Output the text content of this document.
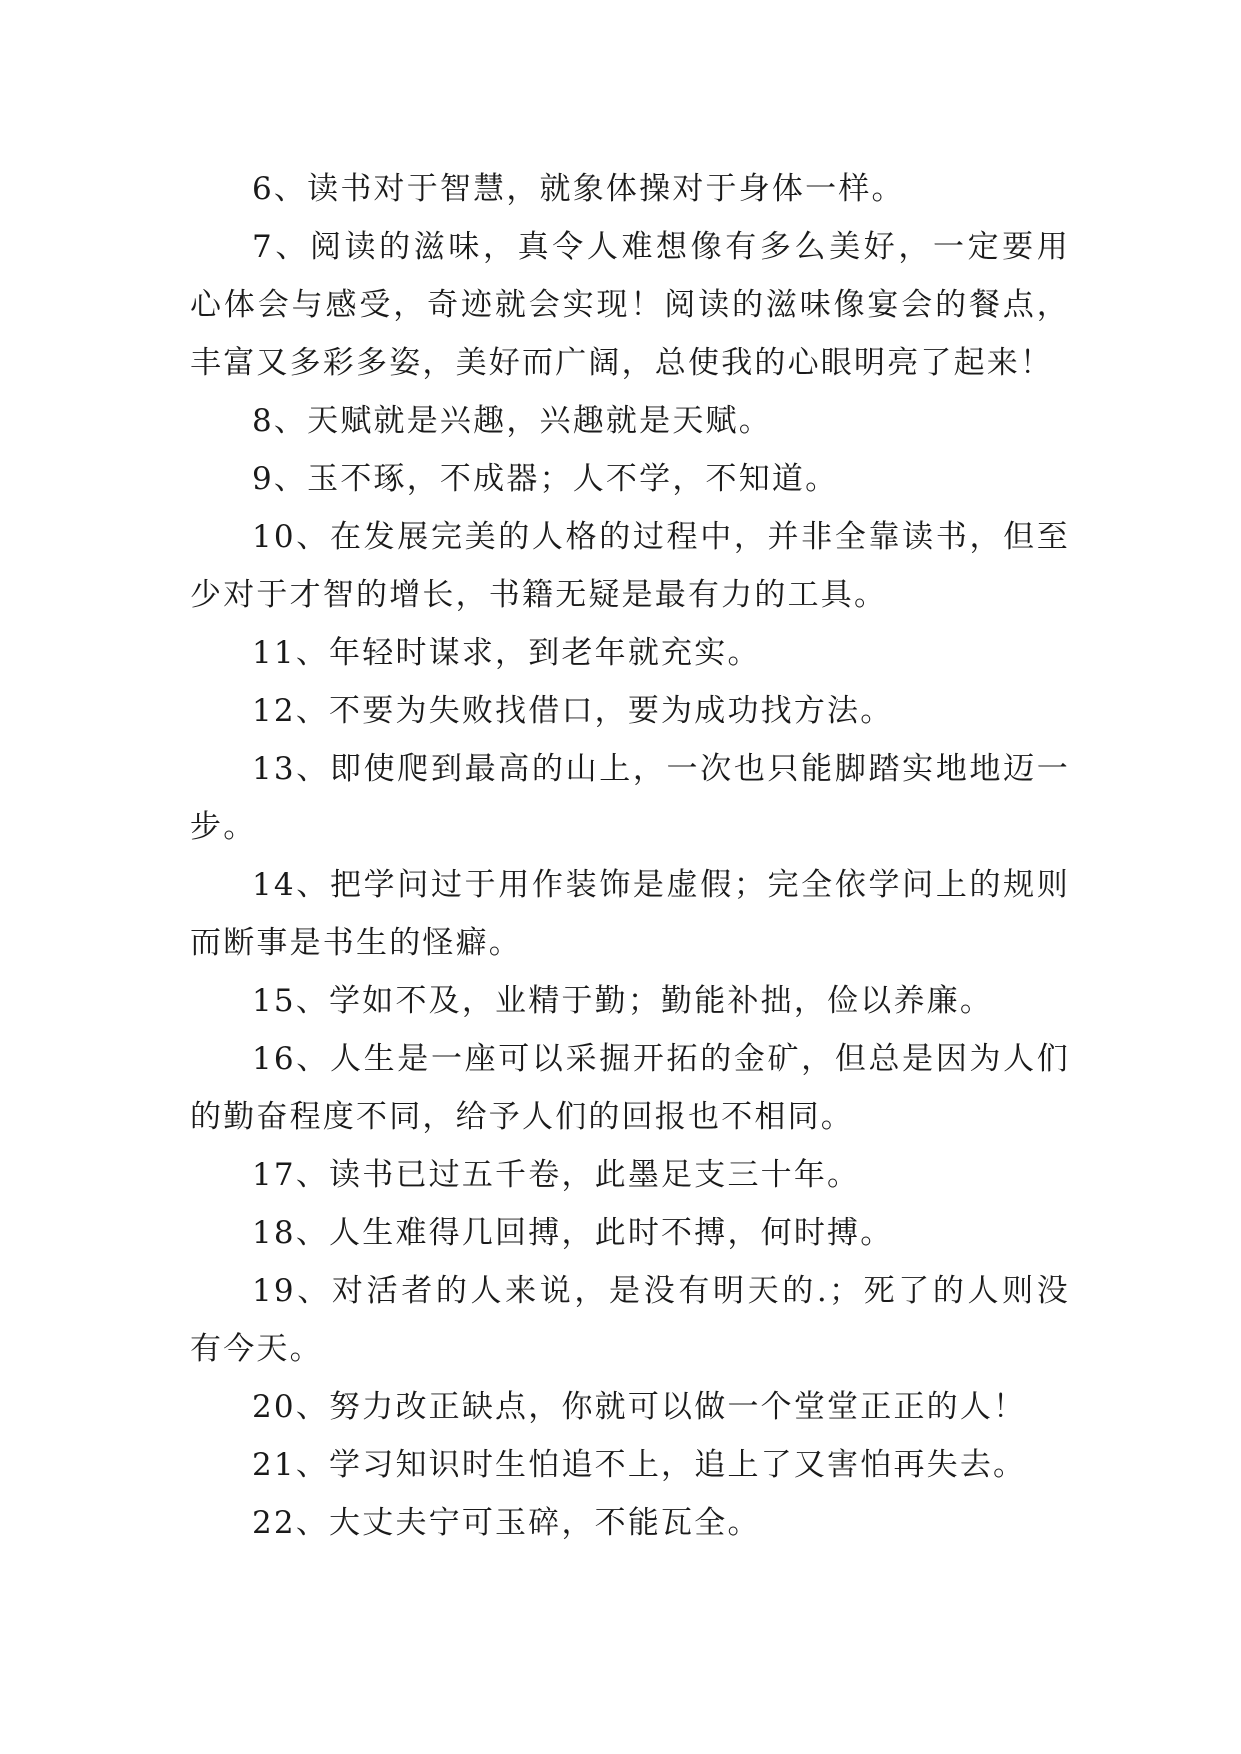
6、读书对于智慧，就象体操对于身体一样。

7、阅读的滋味，真令人难想像有多么美好，一定要用心体会与感受，奇迹就会实现！阅读的滋味像宴会的餐点，丰富又多彩多姿，美好而广阔，总使我的心眼明亮了起来！

8、天赋就是兴趣，兴趣就是天赋。

9、玉不琢，不成器；人不学，不知道。

10、在发展完美的人格的过程中，并非全靠读书，但至少对于才智的增长，书籍无疑是最有力的工具。

11、年轻时谋求，到老年就充实。

12、不要为失败找借口，要为成功找方法。

13、即使爬到最高的山上，一次也只能脚踏实地地迈一步。

14、把学问过于用作装饰是虚假；完全依学问上的规则而断事是书生的怪癖。

15、学如不及，业精于勤；勤能补拙，俭以养廉。

16、人生是一座可以采掘开拓的金矿，但总是因为人们的勤奋程度不同，给予人们的回报也不相同。

17、读书已过五千卷，此墨足支三十年。

18、人生难得几回搏，此时不搏，何时搏。

19、对活者的人来说，是没有明天的.；死了的人则没有今天。

20、努力改正缺点，你就可以做一个堂堂正正的人！

21、学习知识时生怕追不上，追上了又害怕再失去。

22、大丈夫宁可玉碎，不能瓦全。
